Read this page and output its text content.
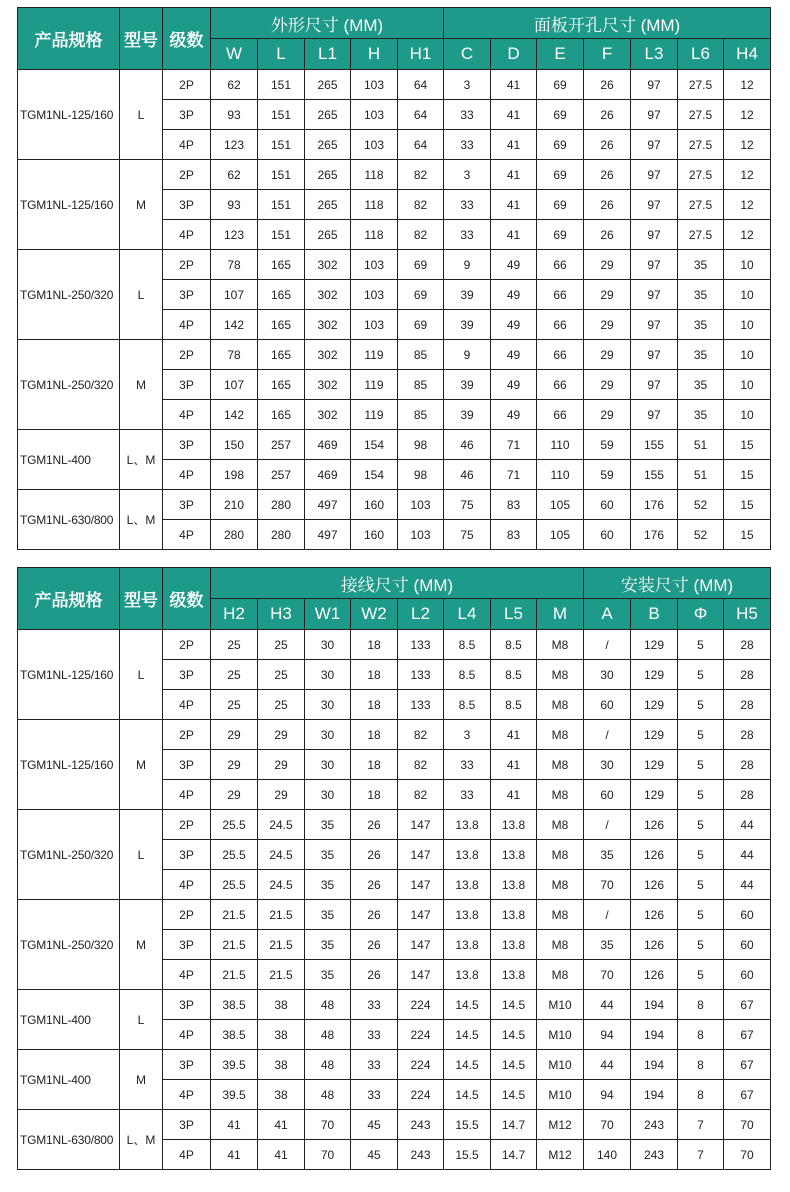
产品规格	型号	级数	外形尺寸 (MM)					面板开孔尺寸 (MM)						
			W	L	L1	H	H1	C	D	E	F	L3	L6	H4
TGM1NL-125/160	L	2P	62	151	265	103	64	3	41	69	26	97	27.5	12
		3P	93	151	265	103	64	33	41	69	26	97	27.5	12
		4P	123	151	265	103	64	33	41	69	26	97	27.5	12
TGM1NL-125/160	M	2P	62	151	265	118	82	3	41	69	26	97	27.5	12
		3P	93	151	265	118	82	33	41	69	26	97	27.5	12
		4P	123	151	265	118	82	33	41	69	26	97	27.5	12
TGM1NL-250/320	L	2P	78	165	302	103	69	9	49	66	29	97	35	10
		3P	107	165	302	103	69	39	49	66	29	97	35	10
		4P	142	165	302	103	69	39	49	66	29	97	35	10
TGM1NL-250/320	M	2P	78	165	302	119	85	9	49	66	29	97	35	10
		3P	107	165	302	119	85	39	49	66	29	97	35	10
		4P	142	165	302	119	85	39	49	66	29	97	35	10
TGM1NL-400	L、M	3P	150	257	469	154	98	46	71	110	59	155	51	15
		4P	198	257	469	154	98	46	71	110	59	155	51	15
TGM1NL-630/800	L、M	3P	210	280	497	160	103	75	83	105	60	176	52	15
		4P	280	280	497	160	103	75	83	105	60	176	52	15
产品规格	型号	级数	接线尺寸 (MM)								安装尺寸 (MM)			
			H2	H3	W1	W2	L2	L4	L5	M	A	B	Φ	H5
TGM1NL-125/160	L	2P	25	25	30	18	133	8.5	8.5	M8	/	129	5	28
		3P	25	25	30	18	133	8.5	8.5	M8	30	129	5	28
		4P	25	25	30	18	133	8.5	8.5	M8	60	129	5	28
TGM1NL-125/160	M	2P	29	29	30	18	82	3	41	M8	/	129	5	28
		3P	29	29	30	18	82	33	41	M8	30	129	5	28
		4P	29	29	30	18	82	33	41	M8	60	129	5	28
TGM1NL-250/320	L	2P	25.5	24.5	35	26	147	13.8	13.8	M8	/	126	5	44
		3P	25.5	24.5	35	26	147	13.8	13.8	M8	35	126	5	44
		4P	25.5	24.5	35	26	147	13.8	13.8	M8	70	126	5	44
TGM1NL-250/320	M	2P	21.5	21.5	35	26	147	13.8	13.8	M8	/	126	5	60
		3P	21.5	21.5	35	26	147	13.8	13.8	M8	35	126	5	60
		4P	21.5	21.5	35	26	147	13.8	13.8	M8	70	126	5	60
TGM1NL-400	L	3P	38.5	38	48	33	224	14.5	14.5	M10	44	194	8	67
		4P	38.5	38	48	33	224	14.5	14.5	M10	94	194	8	67
TGM1NL-400	M	3P	39.5	38	48	33	224	14.5	14.5	M10	44	194	8	67
		4P	39.5	38	48	33	224	14.5	14.5	M10	94	194	8	67
TGM1NL-630/800	L、M	3P	41	41	70	45	243	15.5	14.7	M12	70	243	7	70
		4P	41	41	70	45	243	15.5	14.7	M12	140	243	7	70
